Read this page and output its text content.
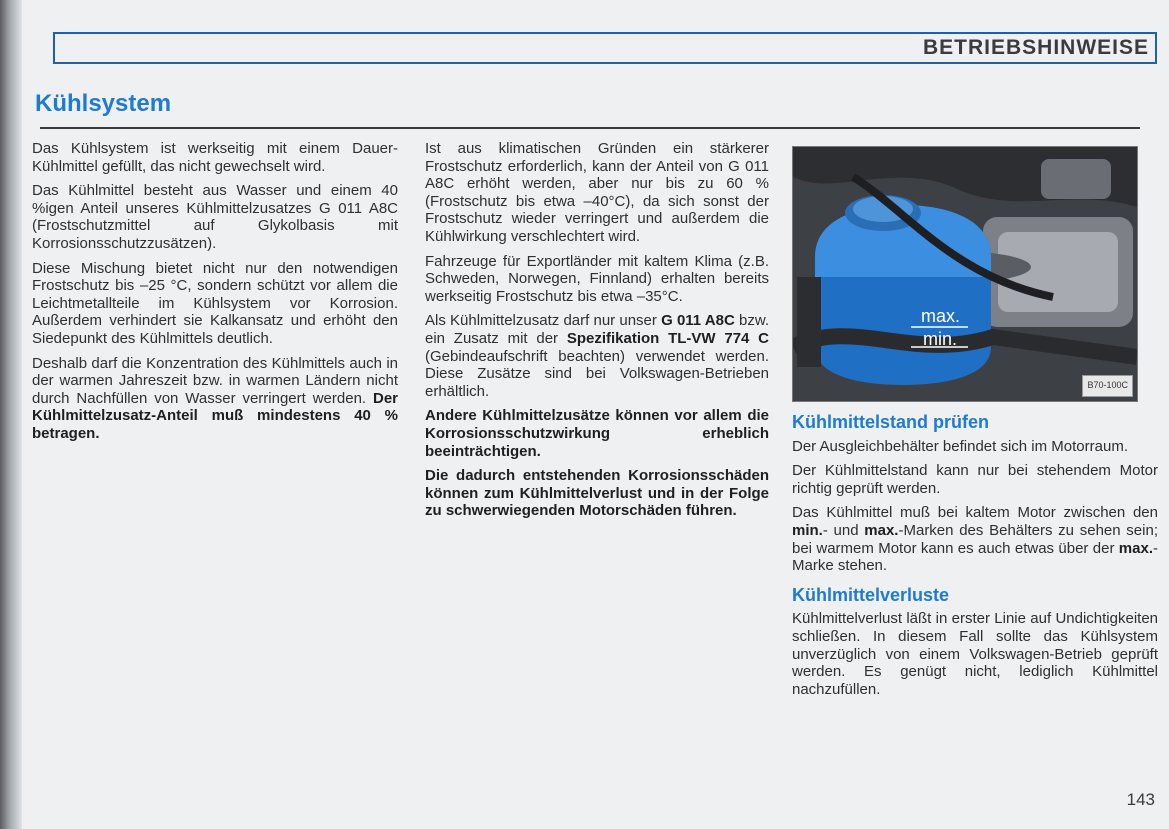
BETRIEBSHINWEISE
Kühlsystem

Das Kühlsystem ist werkseitig mit einem Dauer-Kühlmittel gefüllt, das nicht gewechselt wird.

Das Kühlmittel besteht aus Wasser und einem 40 %igen Anteil unseres Kühlmittelzusatzes G 011 A8C (Frostschutzmittel auf Glykolbasis mit Korrosionsschutzzusätzen).

Diese Mischung bietet nicht nur den notwendigen Frostschutz bis –25 °C, sondern schützt vor allem die Leichtmetallteile im Kühlsystem vor Korrosion. Außerdem verhindert sie Kalkansatz und erhöht den Siedepunkt des Kühlmittels deutlich.

Deshalb darf die Konzentration des Kühlmittels auch in der warmen Jahreszeit bzw. in warmen Ländern nicht durch Nachfüllen von Wasser verringert werden. Der Kühlmittelzusatz-Anteil muß mindestens 40 % betragen.

Ist aus klimatischen Gründen ein stärkerer Frostschutz erforderlich, kann der Anteil von G 011 A8C erhöht werden, aber nur bis zu 60 % (Frostschutz bis etwa –40°C), da sich sonst der Frostschutz wieder verringert und außerdem die Kühlwirkung verschlechtert wird.

Fahrzeuge für Exportländer mit kaltem Klima (z.B. Schweden, Norwegen, Finnland) erhalten bereits werkseitig Frostschutz bis etwa –35°C.

Als Kühlmittelzusatz darf nur unser G 011 A8C bzw. ein Zusatz mit der Spezifikation TL-VW 774 C (Gebindeaufschrift beachten) verwendet werden. Diese Zusätze sind bei Volkswagen-Betrieben erhältlich.

Andere Kühlmittelzusätze können vor allem die Korrosionsschutzwirkung erheblich beeinträchtigen.

Die dadurch entstehenden Korrosionsschäden können zum Kühlmittelverlust und in der Folge zu schwerwiegenden Motorschäden führen.

max.
min.
B70-100C
Kühlmittelstand prüfen

Der Ausgleichbehälter befindet sich im Motorraum.

Der Kühlmittelstand kann nur bei stehendem Motor richtig geprüft werden.

Das Kühlmittel muß bei kaltem Motor zwischen den min.- und max.-Marken des Behälters zu sehen sein; bei warmem Motor kann es auch etwas über der max.-Marke stehen.

Kühlmittelverluste

Kühlmittelverlust läßt in erster Linie auf Undichtigkeiten schließen. In diesem Fall sollte das Kühlsystem unverzüglich von einem Volkswagen-Betrieb geprüft werden. Es genügt nicht, lediglich Kühlmittel nachzufüllen.

143
